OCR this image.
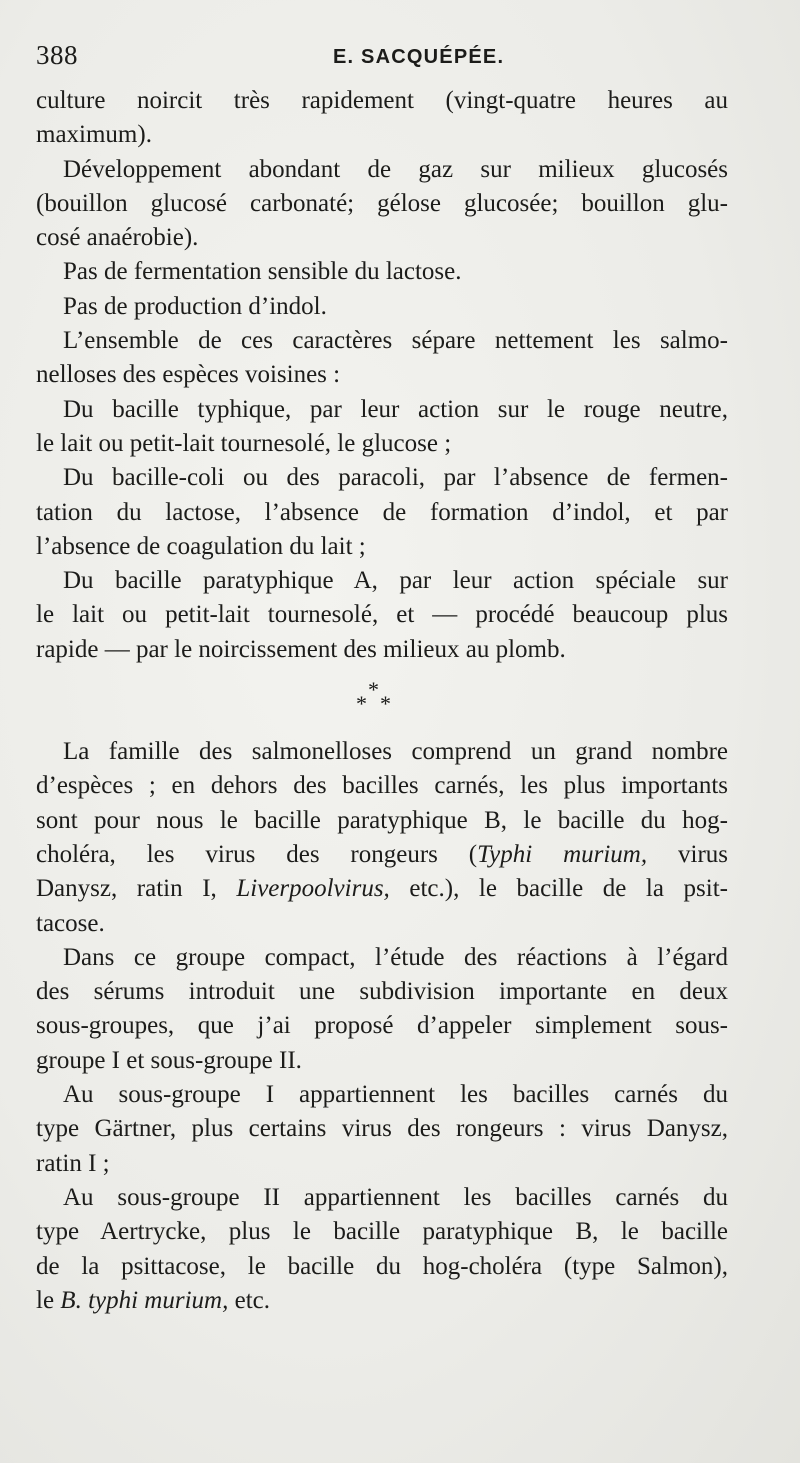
388	E. SACQUÉPÉE.
culture noircit très rapidement (vingt-quatre heures au
maximum).
Développement abondant de gaz sur milieux glucosés
(bouillon glucosé carbonaté; gélose glucosée; bouillon glu-
cosé anaérobie).
Pas de fermentation sensible du lactose.
Pas de production d’indol.
L’ensemble de ces caractères sépare nettement les salmo-
nelloses des espèces voisines :
Du bacille typhique, par leur action sur le rouge neutre,
le lait ou petit-lait tournesolé, le glucose ;
Du bacille-coli ou des paracoli, par l’absence de fermen-
tation du lactose, l’absence de formation d’indol, et par
l’absence de coagulation du lait ;
Du bacille paratyphique A, par leur action spéciale sur
le lait ou petit-lait tournesolé, et — procédé beaucoup plus
rapide — par le noircissement des milieux au plomb.
*
* *
La famille des salmonelloses comprend un grand nombre
d’espèces ; en dehors des bacilles carnés, les plus importants
sont pour nous le bacille paratyphique B, le bacille du hog-
choléra, les virus des rongeurs (Typhi murium, virus
Danysz, ratin I, Liverpoolvirus, etc.), le bacille de la psit-
tacose.
Dans ce groupe compact, l’étude des réactions à l’égard
des sérums introduit une subdivision importante en deux
sous-groupes, que j’ai proposé d’appeler simplement sous-
groupe I et sous-groupe II.
Au sous-groupe I appartiennent les bacilles carnés du
type Gärtner, plus certains virus des rongeurs : virus Danysz,
ratin I ;
Au sous-groupe II appartiennent les bacilles carnés du
type Aertrycke, plus le bacille paratyphique B, le bacille
de la psittacose, le bacille du hog-choléra (type Salmon),
le B. typhi murium, etc.
